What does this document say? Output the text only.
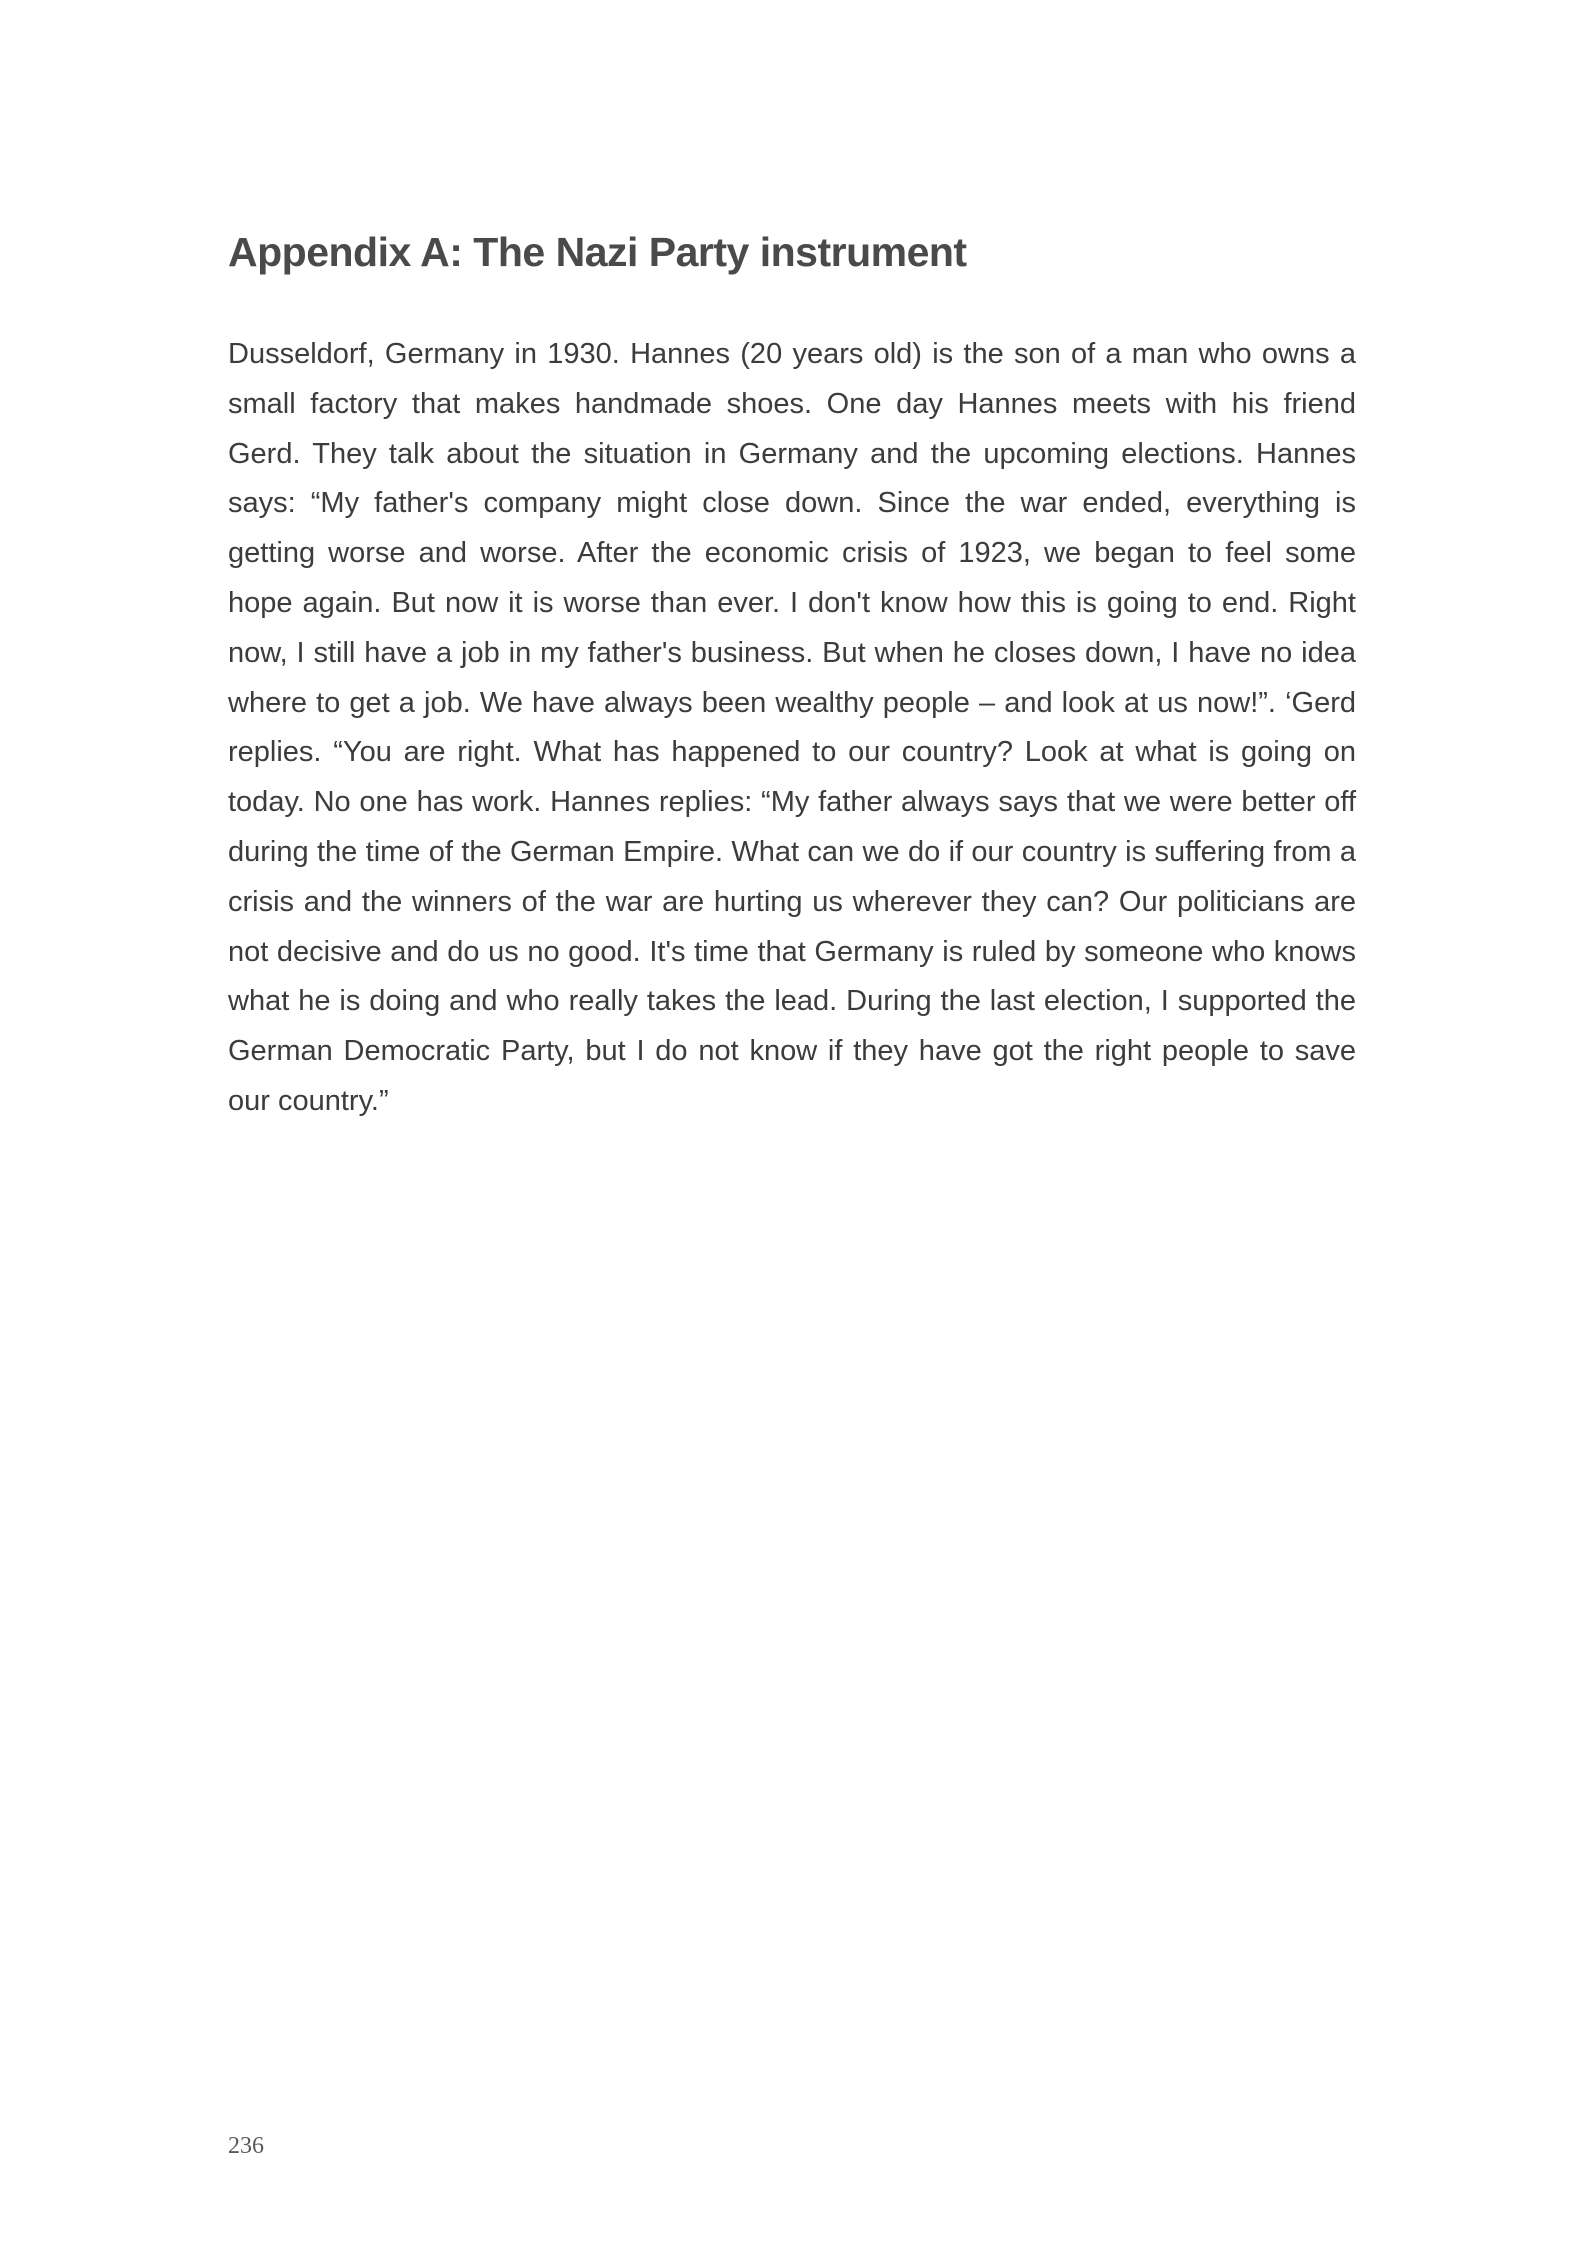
Appendix A: The Nazi Party instrument

Dusseldorf, Germany in 1930. Hannes (20 years old) is the son of a man who owns a small factory that makes handmade shoes. One day Hannes meets with his friend Gerd. They talk about the situation in Germany and the upcoming elections. Hannes says: “My father's company might close down. Since the war ended, everything is getting worse and worse. After the economic crisis of 1923, we began to feel some hope again. But now it is worse than ever. I don't know how this is going to end. Right now, I still have a job in my father's business. But when he closes down, I have no idea where to get a job. We have always been wealthy people – and look at us now!”. ‘Gerd replies. “You are right. What has happened to our country? Look at what is going on today. No one has work. Hannes replies: “My father always says that we were better off during the time of the German Empire. What can we do if our country is suffering from a crisis and the winners of the war are hurting us wherever they can? Our politicians are not decisive and do us no good. It's time that Germany is ruled by someone who knows what he is doing and who really takes the lead. During the last election, I supported the German Democratic Party, but I do not know if they have got the right people to save our country.”

236
